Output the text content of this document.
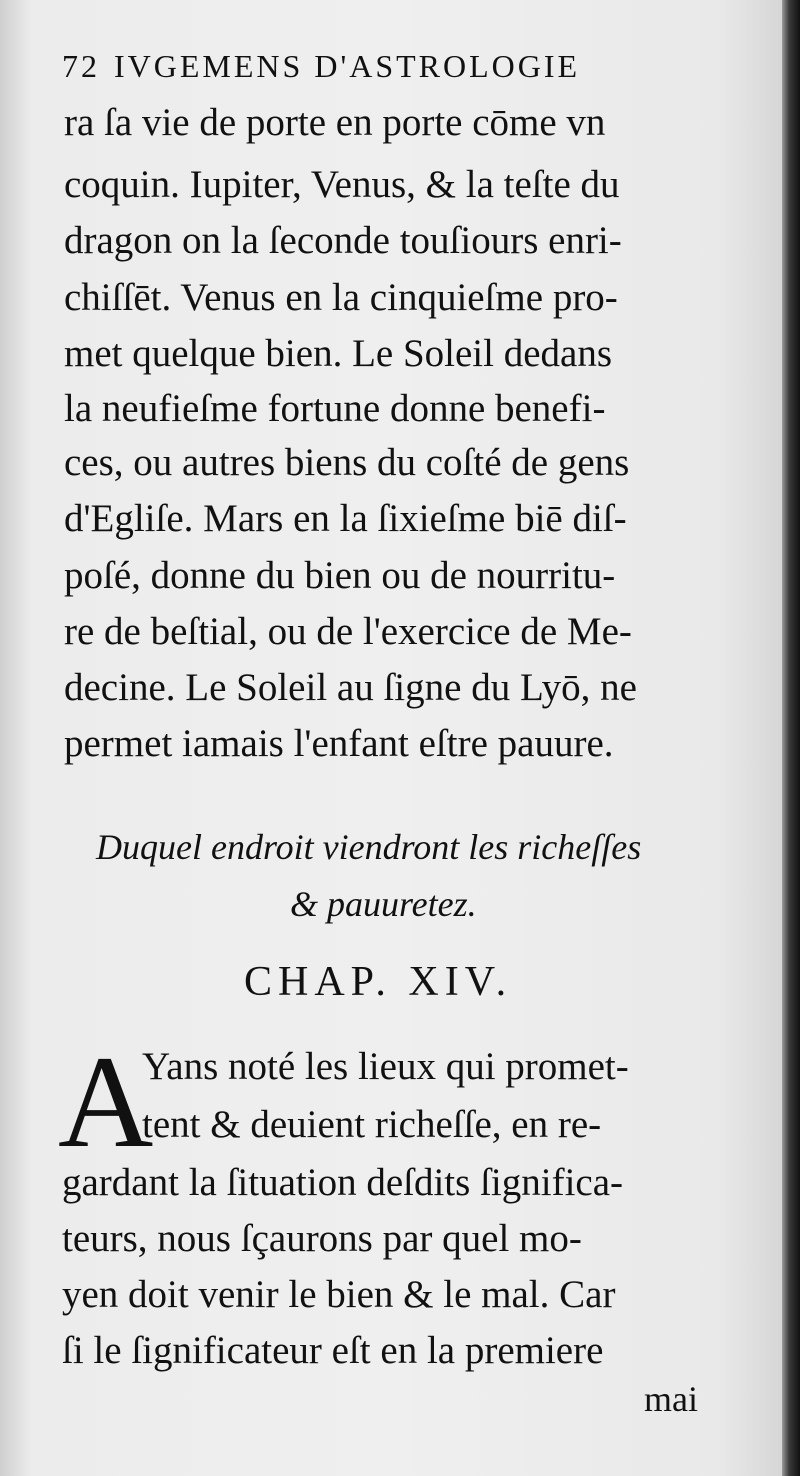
72 IVGEMENS D'ASTROLOGIE
ra ſa vie de porte en porte cōme vn
coquin. Iupiter, Venus, & la teſte du
dragon on la ſeconde touſiours enri-
chiſſēt. Venus en la cinquieſme pro-
met quelque bien. Le Soleil dedans
la neufieſme fortune donne benefi-
ces, ou autres biens du coſté de gens
d'Egliſe. Mars en la ſixieſme biē diſ-
poſé, donne du bien ou de nourritu-
re de beſtial, ou de l'exercice de Me-
decine. Le Soleil au ſigne du Lyō, ne
permet iamais l'enfant eſtre pauure.
Duquel endroit viendront les richeſſes
& pauuretez.
CHAP. XIV.
A
Yans noté les lieux qui promet-
tent & deuient richeſſe, en re-
gardant la ſituation deſdits ſignifica-
teurs, nous ſçaurons par quel mo-
yen doit venir le bien & le mal. Car
ſi le ſignificateur eſt en la premiere
mai
